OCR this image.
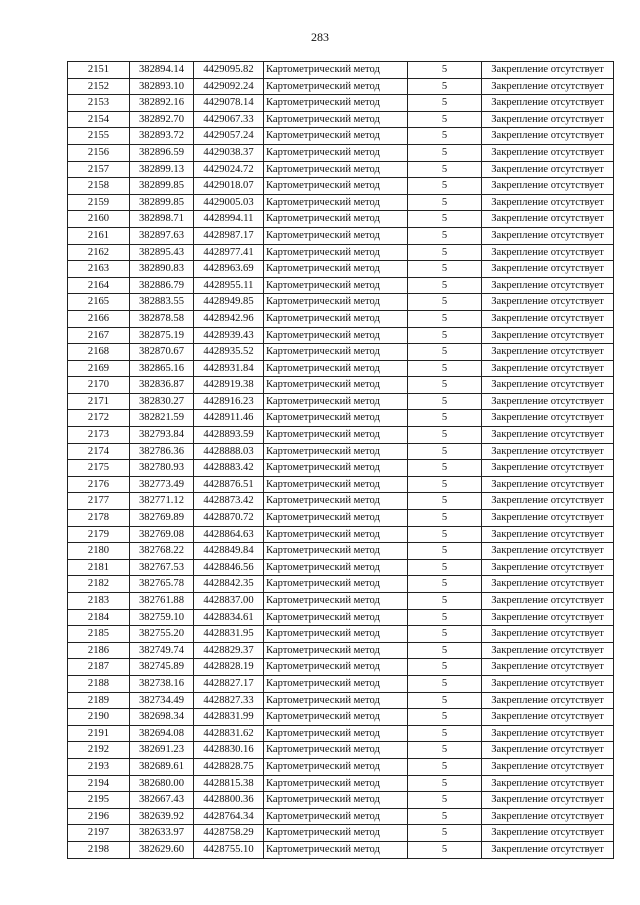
283
2151	382894.14	4429095.82	Картометрический метод	5	Закрепление отсутствует
2152	382893.10	4429092.24	Картометрический метод	5	Закрепление отсутствует
2153	382892.16	4429078.14	Картометрический метод	5	Закрепление отсутствует
2154	382892.70	4429067.33	Картометрический метод	5	Закрепление отсутствует
2155	382893.72	4429057.24	Картометрический метод	5	Закрепление отсутствует
2156	382896.59	4429038.37	Картометрический метод	5	Закрепление отсутствует
2157	382899.13	4429024.72	Картометрический метод	5	Закрепление отсутствует
2158	382899.85	4429018.07	Картометрический метод	5	Закрепление отсутствует
2159	382899.85	4429005.03	Картометрический метод	5	Закрепление отсутствует
2160	382898.71	4428994.11	Картометрический метод	5	Закрепление отсутствует
2161	382897.63	4428987.17	Картометрический метод	5	Закрепление отсутствует
2162	382895.43	4428977.41	Картометрический метод	5	Закрепление отсутствует
2163	382890.83	4428963.69	Картометрический метод	5	Закрепление отсутствует
2164	382886.79	4428955.11	Картометрический метод	5	Закрепление отсутствует
2165	382883.55	4428949.85	Картометрический метод	5	Закрепление отсутствует
2166	382878.58	4428942.96	Картометрический метод	5	Закрепление отсутствует
2167	382875.19	4428939.43	Картометрический метод	5	Закрепление отсутствует
2168	382870.67	4428935.52	Картометрический метод	5	Закрепление отсутствует
2169	382865.16	4428931.84	Картометрический метод	5	Закрепление отсутствует
2170	382836.87	4428919.38	Картометрический метод	5	Закрепление отсутствует
2171	382830.27	4428916.23	Картометрический метод	5	Закрепление отсутствует
2172	382821.59	4428911.46	Картометрический метод	5	Закрепление отсутствует
2173	382793.84	4428893.59	Картометрический метод	5	Закрепление отсутствует
2174	382786.36	4428888.03	Картометрический метод	5	Закрепление отсутствует
2175	382780.93	4428883.42	Картометрический метод	5	Закрепление отсутствует
2176	382773.49	4428876.51	Картометрический метод	5	Закрепление отсутствует
2177	382771.12	4428873.42	Картометрический метод	5	Закрепление отсутствует
2178	382769.89	4428870.72	Картометрический метод	5	Закрепление отсутствует
2179	382769.08	4428864.63	Картометрический метод	5	Закрепление отсутствует
2180	382768.22	4428849.84	Картометрический метод	5	Закрепление отсутствует
2181	382767.53	4428846.56	Картометрический метод	5	Закрепление отсутствует
2182	382765.78	4428842.35	Картометрический метод	5	Закрепление отсутствует
2183	382761.88	4428837.00	Картометрический метод	5	Закрепление отсутствует
2184	382759.10	4428834.61	Картометрический метод	5	Закрепление отсутствует
2185	382755.20	4428831.95	Картометрический метод	5	Закрепление отсутствует
2186	382749.74	4428829.37	Картометрический метод	5	Закрепление отсутствует
2187	382745.89	4428828.19	Картометрический метод	5	Закрепление отсутствует
2188	382738.16	4428827.17	Картометрический метод	5	Закрепление отсутствует
2189	382734.49	4428827.33	Картометрический метод	5	Закрепление отсутствует
2190	382698.34	4428831.99	Картометрический метод	5	Закрепление отсутствует
2191	382694.08	4428831.62	Картометрический метод	5	Закрепление отсутствует
2192	382691.23	4428830.16	Картометрический метод	5	Закрепление отсутствует
2193	382689.61	4428828.75	Картометрический метод	5	Закрепление отсутствует
2194	382680.00	4428815.38	Картометрический метод	5	Закрепление отсутствует
2195	382667.43	4428800.36	Картометрический метод	5	Закрепление отсутствует
2196	382639.92	4428764.34	Картометрический метод	5	Закрепление отсутствует
2197	382633.97	4428758.29	Картометрический метод	5	Закрепление отсутствует
2198	382629.60	4428755.10	Картометрический метод	5	Закрепление отсутствует
